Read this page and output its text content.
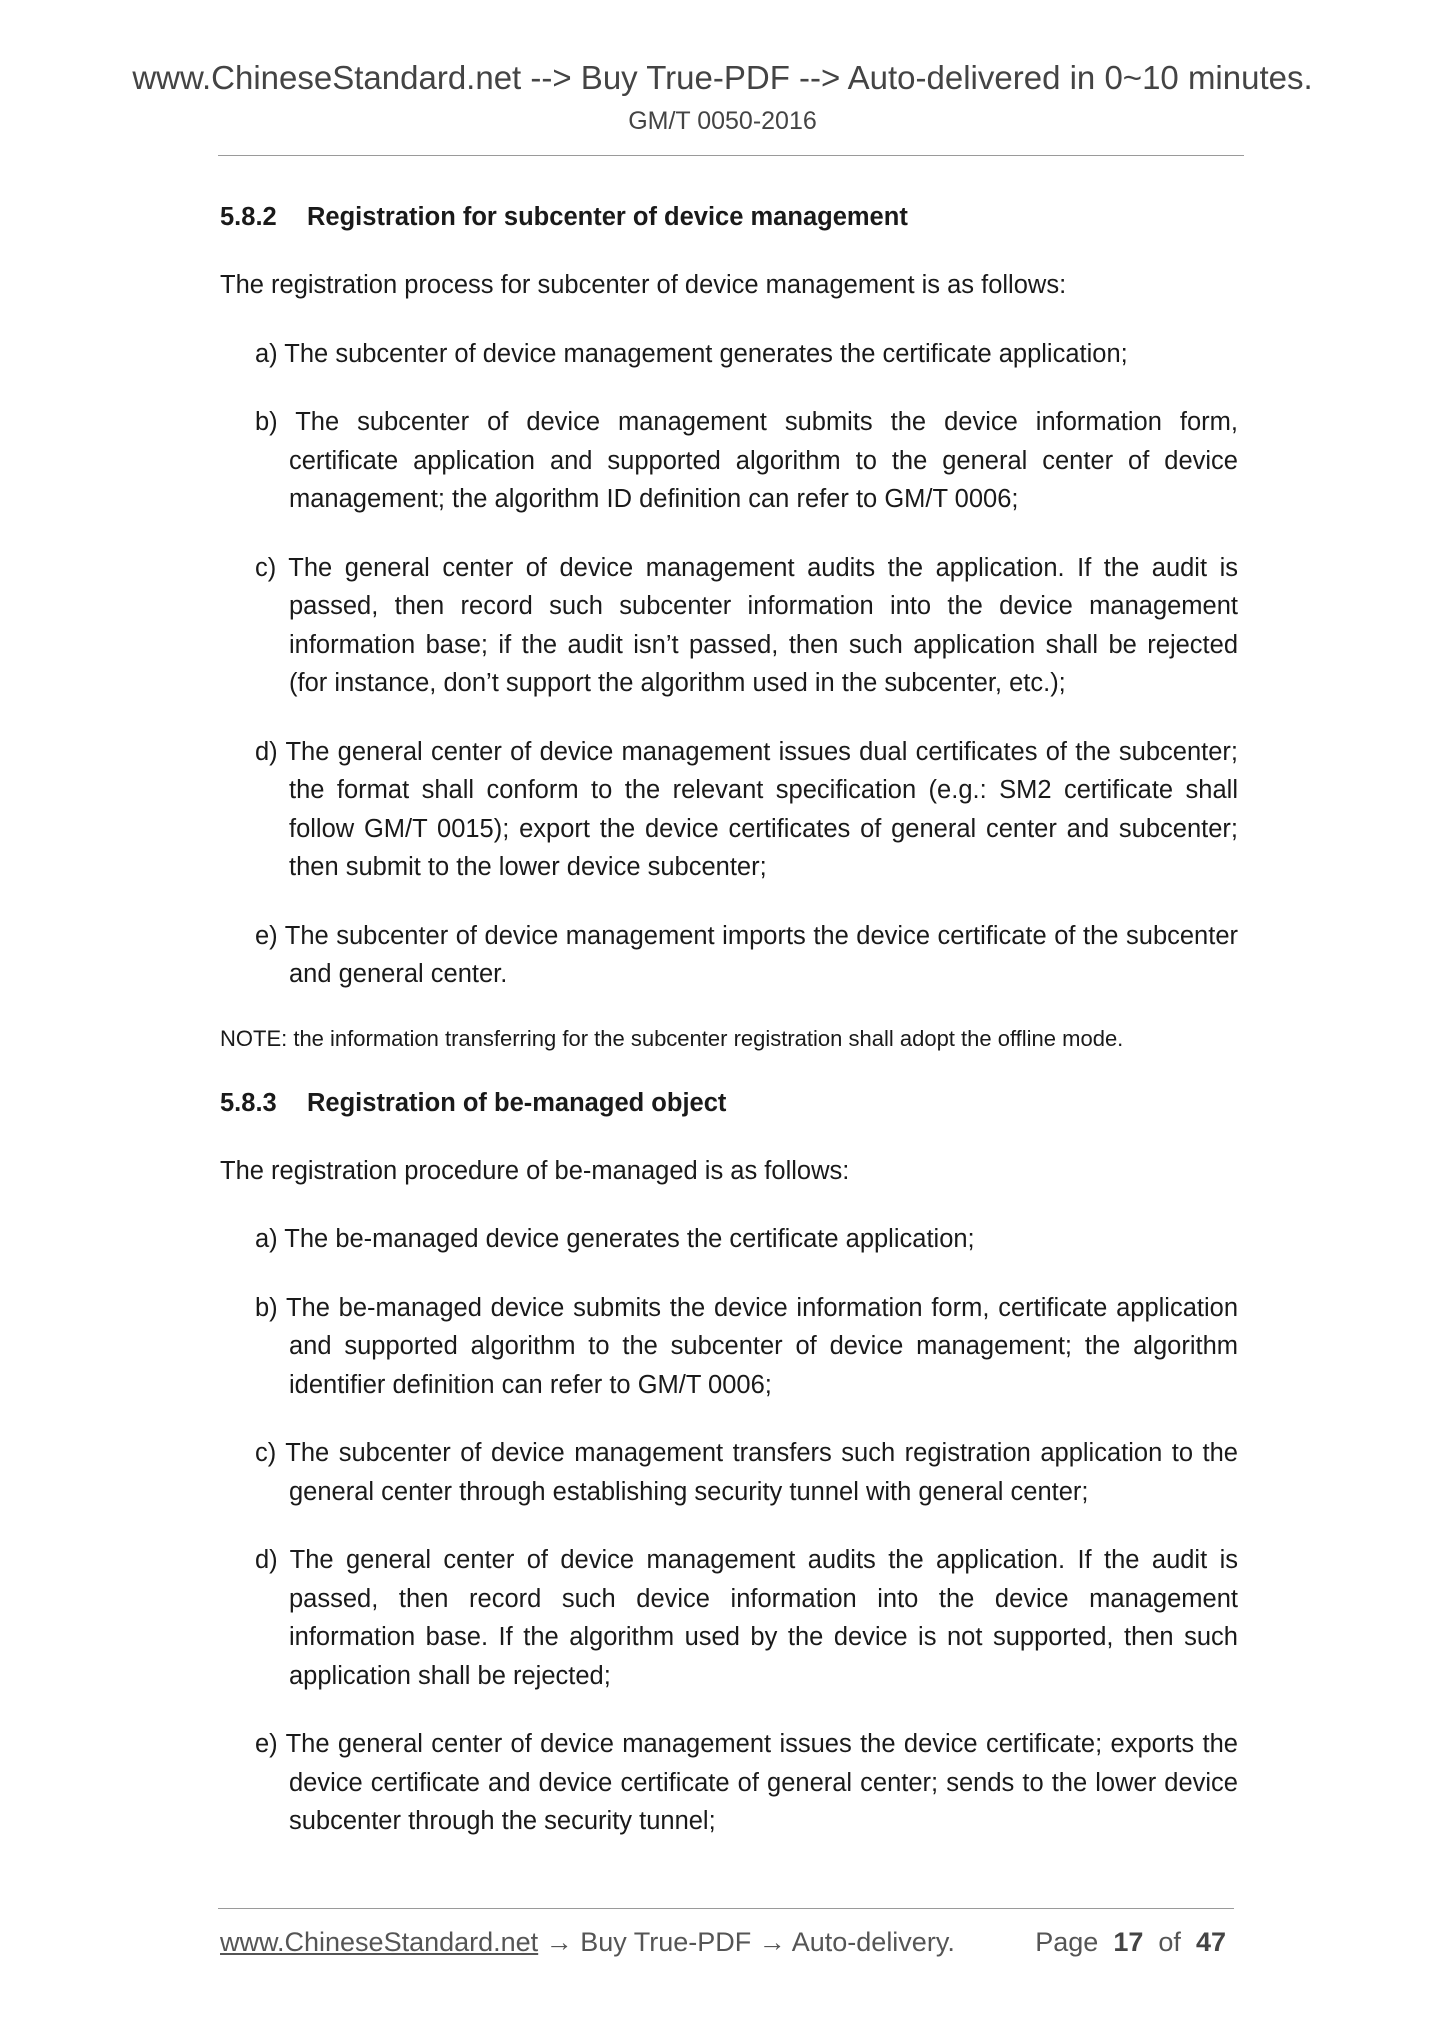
www.ChineseStandard.net --> Buy True-PDF --> Auto-delivered in 0~10 minutes.
GM/T 0050-2016
5.8.2 Registration for subcenter of device management

The registration process for subcenter of device management is as follows:

a) The subcenter of device management generates the certificate application;
b) The subcenter of device management submits the device information form, certificate application and supported algorithm to the general center of device management; the algorithm ID definition can refer to GM/T 0006;
c) The general center of device management audits the application. If the audit is passed, then record such subcenter information into the device management information base; if the audit isn’t passed, then such application shall be rejected (for instance, don’t support the algorithm used in the subcenter, etc.);
d) The general center of device management issues dual certificates of the subcenter; the format shall conform to the relevant specification (e.g.: SM2 certificate shall follow GM/T 0015); export the device certificates of general center and subcenter; then submit to the lower device subcenter;
e) The subcenter of device management imports the device certificate of the subcenter and general center.

NOTE: the information transferring for the subcenter registration shall adopt the offline mode.

5.8.3 Registration of be-managed object

The registration procedure of be-managed is as follows:

a) The be-managed device generates the certificate application;
b) The be-managed device submits the device information form, certificate application and supported algorithm to the subcenter of device management; the algorithm identifier definition can refer to GM/T 0006;
c) The subcenter of device management transfers such registration application to the general center through establishing security tunnel with general center;
d) The general center of device management audits the application. If the audit is passed, then record such device information into the device management information base. If the algorithm used by the device is not supported, then such application shall be rejected;
e) The general center of device management issues the device certificate; exports the device certificate and device certificate of general center; sends to the lower device subcenter through the security tunnel;
www.ChineseStandard.net → Buy True-PDF → Auto-delivery.	Page 17 of 47
